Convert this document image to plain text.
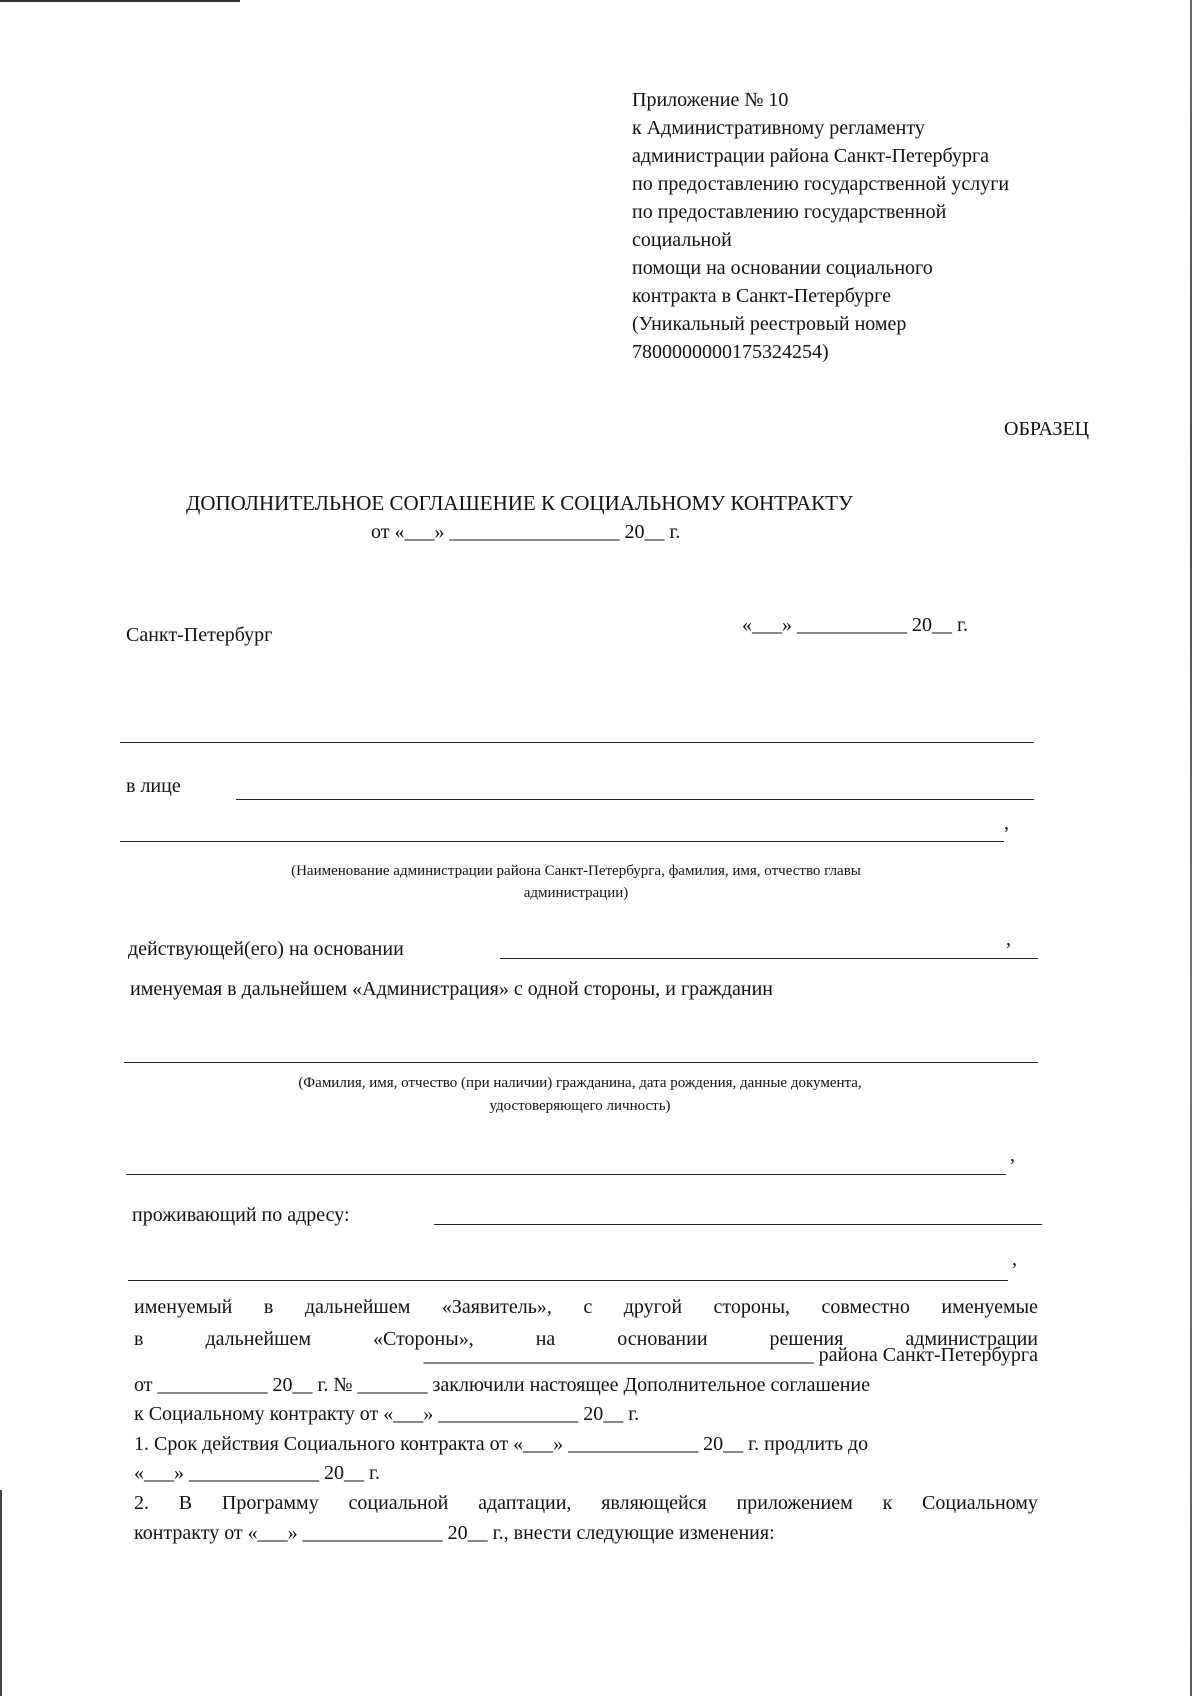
Приложение № 10
к Административному регламенту
администрации района Санкт-Петербурга
по предоставлению государственной услуги
по предоставлению государственной
социальной
помощи на основании социального
контракта в Санкт-Петербурге
(Уникальный реестровый номер
7800000000175324254)
ОБРАЗЕЦ
ДОПОЛНИТЕЛЬНОЕ СОГЛАШЕНИЕ К СОЦИАЛЬНОМУ КОНТРАКТУ
от «___» _________________ 20__ г.
Санкт-Петербург	«___» ___________ 20__ г.
в лице
,
(Наименование администрации района Санкт-Петербурга, фамилия, имя, отчество главы
администрации)
действующей(его) на основании	,
именуемая в дальнейшем «Администрация» с одной стороны, и гражданин
(Фамилия, имя, отчество (при наличии) гражданина, дата рождения, данные документа,
удостоверяющего личность)
,
проживающий по адресу:
,
именуемый в дальнейшем «Заявитель», с другой стороны, совместно именуемые
в	дальнейшем	«Стороны»,	на	основании	решения	администрации
_______________________________________ района Санкт-Петербурга
от ___________ 20__ г. № _______ заключили настоящее Дополнительное соглашение
к Социальному контракту от «___» ______________ 20__ г.
1. Срок действия Социального контракта от «___» _____________ 20__ г. продлить до
«___» _____________ 20__ г.
2. В Программу социальной адаптации, являющейся приложением к Социальному
контракту от «___» ______________ 20__ г., внести следующие изменения:
